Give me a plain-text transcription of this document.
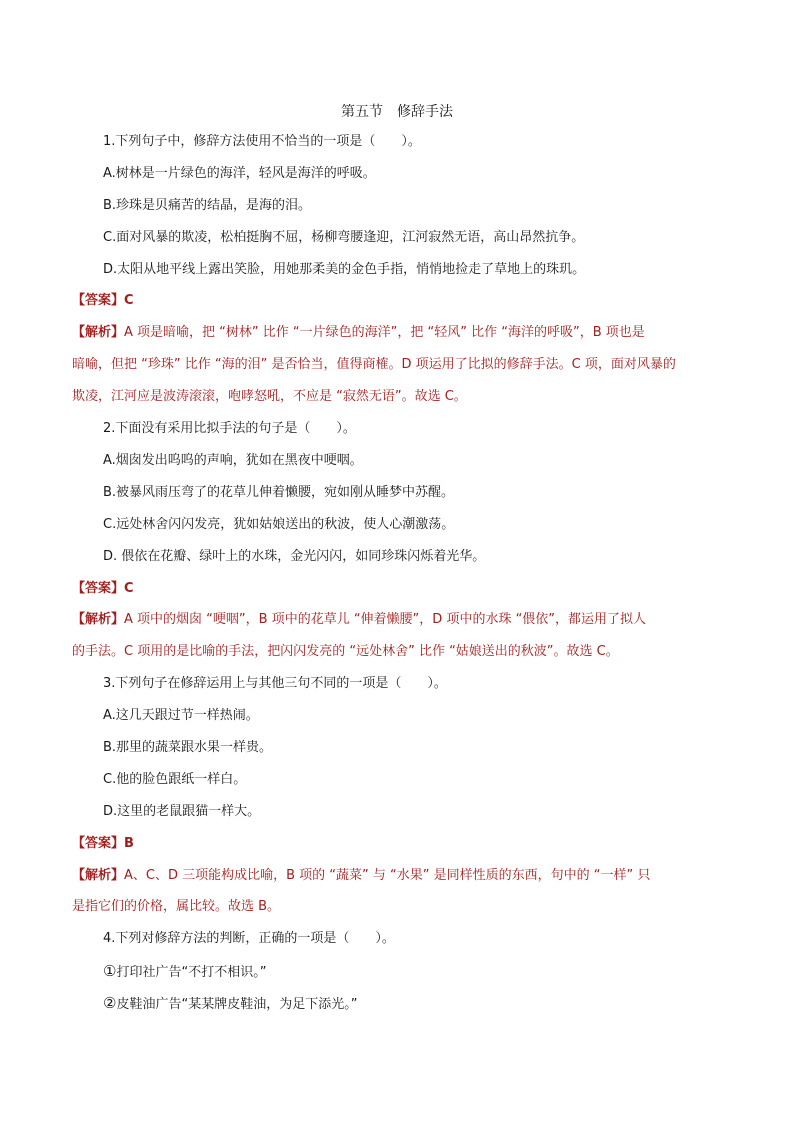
第五节　修辞手法
1.下列句子中，修辞方法使用不恰当的一项是（　　）。
A.树林是一片绿色的海洋，轻风是海洋的呼吸。
B.珍珠是贝痛苦的结晶，是海的泪。
C.面对风暴的欺凌，松柏挺胸不屈，杨柳弯腰逢迎，江河寂然无语，高山昂然抗争。
D.太阳从地平线上露出笑脸，用她那柔美的金色手指，悄悄地捡走了草地上的珠玑。
【答案】C
【解析】A 项是暗喻，把 “树林” 比作 “一片绿色的海洋”，把 “轻风” 比作 “海洋的呼吸”，B 项也是
暗喻，但把 “珍珠” 比作 “海的泪” 是否恰当，值得商榷。D 项运用了比拟的修辞手法。C 项，面对风暴的
欺凌，江河应是波涛滚滚，咆哮怒吼，不应是 “寂然无语”。故选 C。
2.下面没有采用比拟手法的句子是（　　）。
A.烟囱发出呜呜的声响，犹如在黑夜中哽咽。
B.被暴风雨压弯了的花草儿伸着懒腰，宛如刚从睡梦中苏醒。
C.远处林舍闪闪发亮，犹如姑娘送出的秋波，使人心潮激荡。
D. 偎依在花瓣、绿叶上的水珠，金光闪闪，如同珍珠闪烁着光华。
【答案】C
【解析】A 项中的烟囱 “哽咽”，B 项中的花草儿 “伸着懒腰”，D 项中的水珠 “偎依”，都运用了拟人
的手法。C 项用的是比喻的手法，把闪闪发亮的 “远处林舍” 比作 “姑娘送出的秋波”。故选 C。
3.下列句子在修辞运用上与其他三句不同的一项是（　　）。
A.这几天跟过节一样热闹。
B.那里的蔬菜跟水果一样贵。
C.他的脸色跟纸一样白。
D.这里的老鼠跟猫一样大。
【答案】B
【解析】A、C、D 三项能构成比喻，B 项的 “蔬菜” 与 “水果” 是同样性质的东西，句中的 “一样” 只
是指它们的价格，属比较。故选 B。
4.下列对修辞方法的判断，正确的一项是（　　）。
①打印社广告“不打不相识。”
②皮鞋油广告“某某牌皮鞋油，为足下添光。”
